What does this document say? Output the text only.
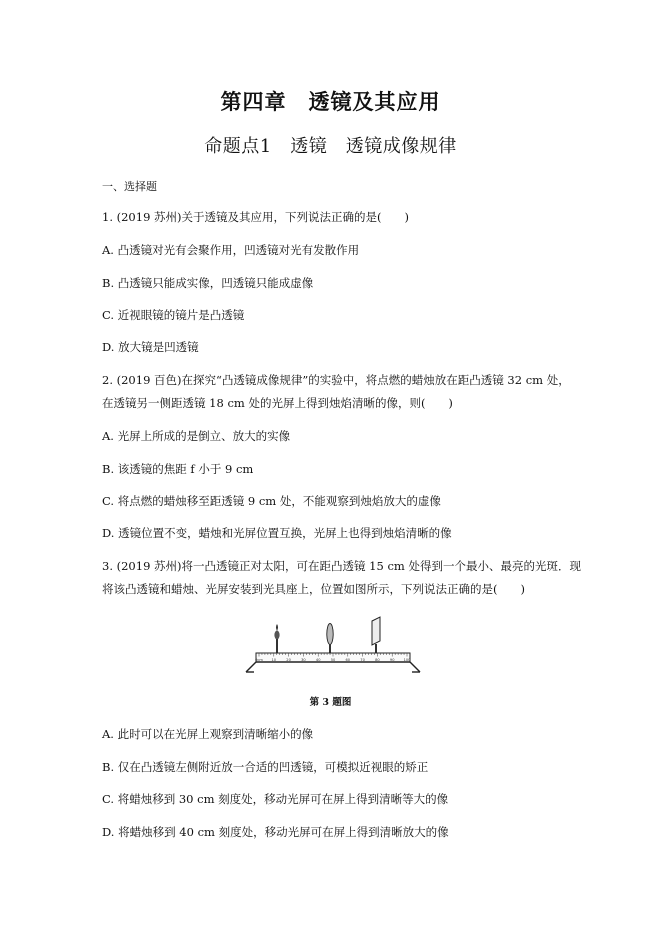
第四章　透镜及其应用
命题点1　透镜　透镜成像规律
一、选择题
1. (2019 苏州)关于透镜及其应用，下列说法正确的是(　　)
A. 凸透镜对光有会聚作用，凹透镜对光有发散作用
B. 凸透镜只能成实像，凹透镜只能成虚像
C. 近视眼镜的镜片是凸透镜
D. 放大镜是凹透镜
2. (2019 百色)在探究“凸透镜成像规律”的实验中，将点燃的蜡烛放在距凸透镜 32 cm 处，
在透镜另一侧距透镜 18 cm 处的光屏上得到烛焰清晰的像，则(　　)
A. 光屏上所成的是倒立、放大的实像
B. 该透镜的焦距 f 小于 9 cm
C. 将点燃的蜡烛移至距透镜 9 cm 处，不能观察到烛焰放大的虚像
D. 透镜位置不变，蜡烛和光屏位置互换，光屏上也得到烛焰清晰的像
3. (2019 苏州)将一凸透镜正对太阳，可在距凸透镜 15 cm 处得到一个最小、最亮的光斑．现
将该凸透镜和蜡烛、光屏安装到光具座上，位置如图所示，下列说法正确的是(　　)
0cm 10	20	30	40	50	60	70	80	90	100
第 3 题图
A. 此时可以在光屏上观察到清晰缩小的像
B. 仅在凸透镜左侧附近放一合适的凹透镜，可模拟近视眼的矫正
C. 将蜡烛移到 30 cm 刻度处，移动光屏可在屏上得到清晰等大的像
D. 将蜡烛移到 40 cm 刻度处，移动光屏可在屏上得到清晰放大的像
